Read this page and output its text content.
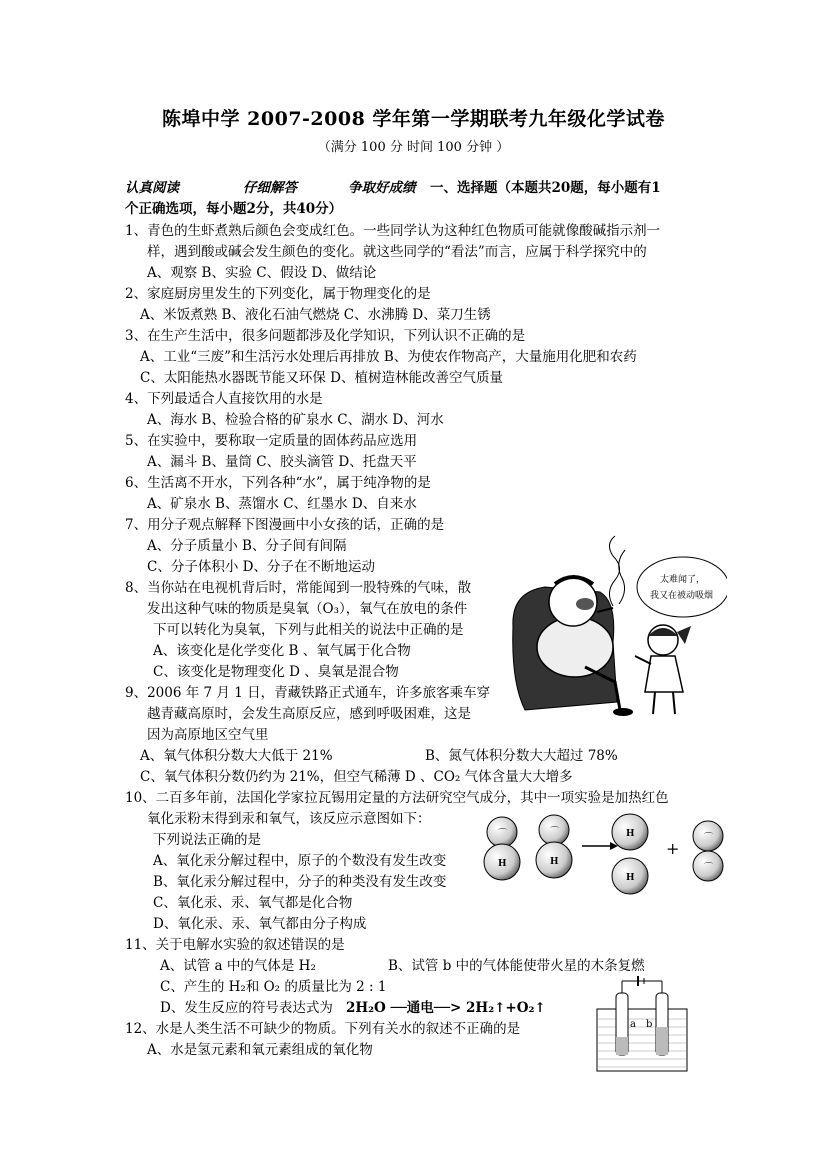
陈埠中学 2007-2008 学年第一学期联考九年级化学试卷
（满分 100 分 时间 100 分钟 ）
认真阅读	仔细解答	争取好成绩 一、选择题（本题共20题，每小题有1
个正确选项，每小题2分，共40分）
1、青色的生虾煮熟后颜色会变成红色。一些同学认为这种红色物质可能就像酸碱指示剂一
样，遇到酸或碱会发生颜色的变化。就这些同学的“看法”而言，应属于科学探究中的
A、观察 B、实验 C、假设 D、做结论
2、家庭厨房里发生的下列变化，属于物理变化的是
A、米饭煮熟 B、液化石油气燃烧 C、水沸腾 D、菜刀生锈
3、在生产生活中，很多问题都涉及化学知识，下列认识不正确的是
A、工业“三废”和生活污水处理后再排放 B、为使农作物高产，大量施用化肥和农药
C、太阳能热水器既节能又环保 D、植树造林能改善空气质量
4、下列最适合人直接饮用的水是
A、海水 B、检验合格的矿泉水 C、湖水 D、河水
5、在实验中，要称取一定质量的固体药品应选用
A、漏斗 B、量筒 C、胶头滴管 D、托盘天平
6、生活离不开水，下列各种“水”，属于纯净物的是
A、矿泉水 B、蒸馏水 C、红墨水 D、自来水
7、用分子观点解释下图漫画中小女孩的话，正确的是
A、分子质量小 B、分子间有间隔
C、分子体积小 D、分子在不断地运动
8、当你站在电视机背后时，常能闻到一股特殊的气味，散
发出这种气味的物质是臭氧（O₃），氧气在放电的条件
下可以转化为臭氧，下列与此相关的说法中正确的是
A、该变化是化学变化 B 、氧气属于化合物
C、该变化是物理变化 D 、臭氧是混合物
9、2006 年 7 月 1 日，青藏铁路正式通车，许多旅客乘车穿
越青藏高原时，会发生高原反应，感到呼吸困难，这是
因为高原地区空气里
A、氧气体积分数大大低于 21%	B、氮气体积分数大大超过 78%
C、氧气体积分数仍约为 21%，但空气稀薄 D 、CO₂ 气体含量大大增多
10、二百多年前，法国化学家拉瓦锡用定量的方法研究空气成分，其中一项实验是加热红色
氧化汞粉末得到汞和氧气，该反应示意图如下：
下列说法正确的是
A、氧化汞分解过程中，原子的个数没有发生改变
B、氧化汞分解过程中，分子的种类没有发生改变
C、氧化汞、汞、氧气都是化合物
D、氧化汞、汞、氧气都由分子构成
11、关于电解水实验的叙述错误的是
A、试管 a 中的气体是 H₂	B、试管 b 中的气体能使带火星的木条复燃
C、产生的 H₂和 O₂ 的质量比为 2 : 1
D、发生反应的符号表达式为 2H₂O ──通电──> 2H₂↑+O₂↑
12、水是人类生活不可缺少的物质。下列有关水的叙述不正确的是
A、水是氢元素和氧元素组成的氧化物
太难闻了，
我又在被动吸烟
⌒
H
⌒
H
H
H
+
⌒
⌒
a b
